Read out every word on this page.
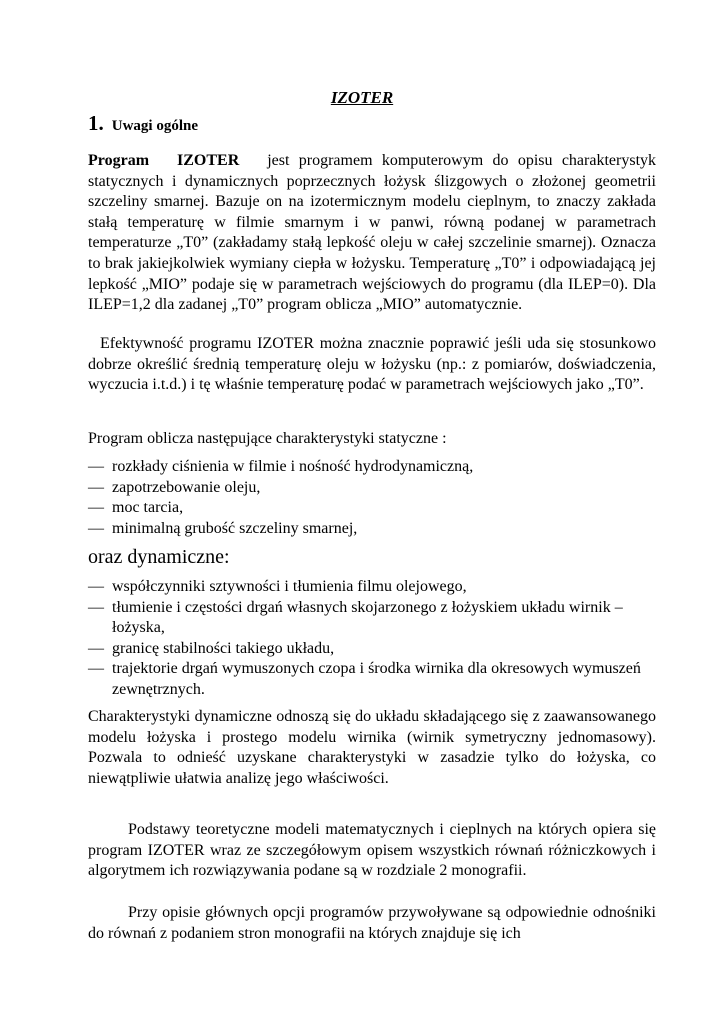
IZOTER
1. Uwagi ogólne

Program IZOTER jest programem komputerowym do opisu charakterystyk statycznych i dynamicznych poprzecznych łożysk ślizgowych o złożonej geometrii szczeliny smarnej. Bazuje on na izotermicznym modelu cieplnym, to znaczy zakłada stałą temperaturę w filmie smarnym i w panwi, równą podanej w parametrach temperaturze „T0” (zakładamy stałą lepkość oleju w całej szczelinie smarnej). Oznacza to brak jakiejkolwiek wymiany ciepła w łożysku. Temperaturę „T0” i odpowiadającą jej lepkość „MIO” podaje się w parametrach wejściowych do programu (dla ILEP=0). Dla ILEP=1,2 dla zadanej „T0” program oblicza „MIO” automatycznie.

Efektywność programu IZOTER można znacznie poprawić jeśli uda się stosunkowo dobrze określić średnią temperaturę oleju w łożysku (np.: z pomiarów, doświadczenia, wyczucia i.t.d.) i tę właśnie temperaturę podać w parametrach wejściowych jako „T0”.

Program oblicza następujące charakterystyki statyczne :

— rozkłady ciśnienia w filmie i nośność hydrodynamiczną,
— zapotrzebowanie oleju,
— moc tarcia,
— minimalną grubość szczeliny smarnej,
oraz dynamiczne:
— współczynniki sztywności i tłumienia filmu olejowego,
— tłumienie i częstości drgań własnych skojarzonego z łożyskiem układu wirnik – łożyska,
— granicę stabilności takiego układu,
— trajektorie drgań wymuszonych czopa i środka wirnika dla okresowych wymuszeń zewnętrznych.

Charakterystyki dynamiczne odnoszą się do układu składającego się z zaawansowanego modelu łożyska i prostego modelu wirnika (wirnik symetryczny jednomasowy). Pozwala to odnieść uzyskane charakterystyki w zasadzie tylko do łożyska, co niewątpliwie ułatwia analizę jego właściwości.

Podstawy teoretyczne modeli matematycznych i cieplnych na których opiera się program IZOTER wraz ze szczegółowym opisem wszystkich równań różniczkowych i algorytmem ich rozwiązywania podane są w rozdziale 2 monografii.

Przy opisie głównych opcji programów przywoływane są odpowiednie odnośniki do równań z podaniem stron monografii na których znajduje się ich
